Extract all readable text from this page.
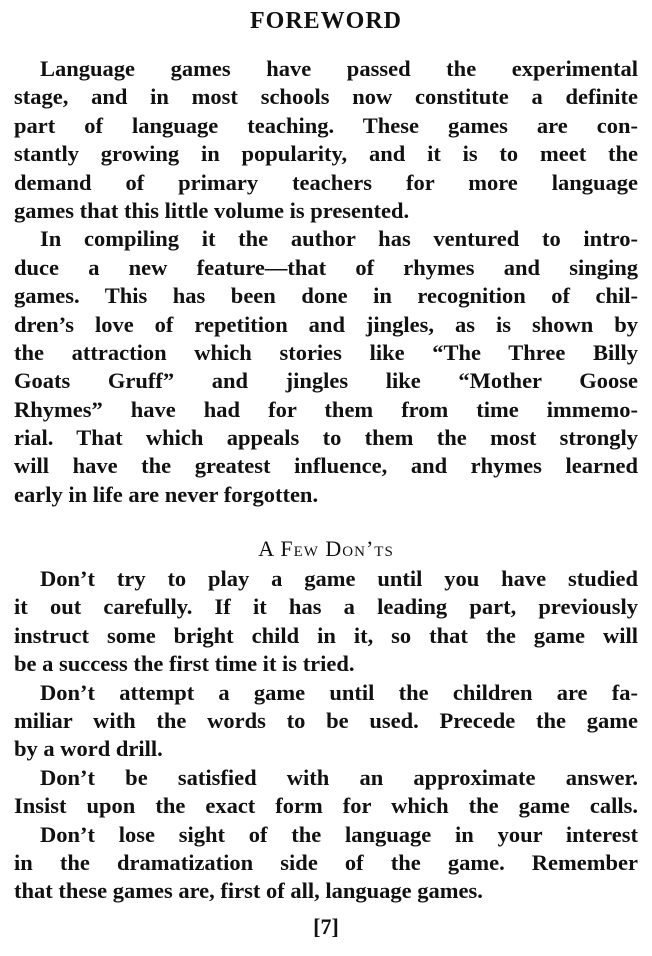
FOREWORD
Language games have passed the experimental
stage, and in most schools now constitute a definite
part of language teaching. These games are con-
stantly growing in popularity, and it is to meet the
demand of primary teachers for more language
games that this little volume is presented.
In compiling it the author has ventured to intro-
duce a new feature—that of rhymes and singing
games. This has been done in recognition of chil-
dren’s love of repetition and jingles, as is shown by
the attraction which stories like “The Three Billy
Goats Gruff” and jingles like “Mother Goose
Rhymes” have had for them from time immemo-
rial. That which appeals to them the most strongly
will have the greatest influence, and rhymes learned
early in life are never forgotten.
A Few Don’ts
Don’t try to play a game until you have studied
it out carefully. If it has a leading part, previously
instruct some bright child in it, so that the game will
be a success the first time it is tried.
Don’t attempt a game until the children are fa-
miliar with the words to be used. Precede the game
by a word drill.
Don’t be satisfied with an approximate answer.
Insist upon the exact form for which the game calls.
Don’t lose sight of the language in your interest
in the dramatization side of the game. Remember
that these games are, first of all, language games.
[7]
